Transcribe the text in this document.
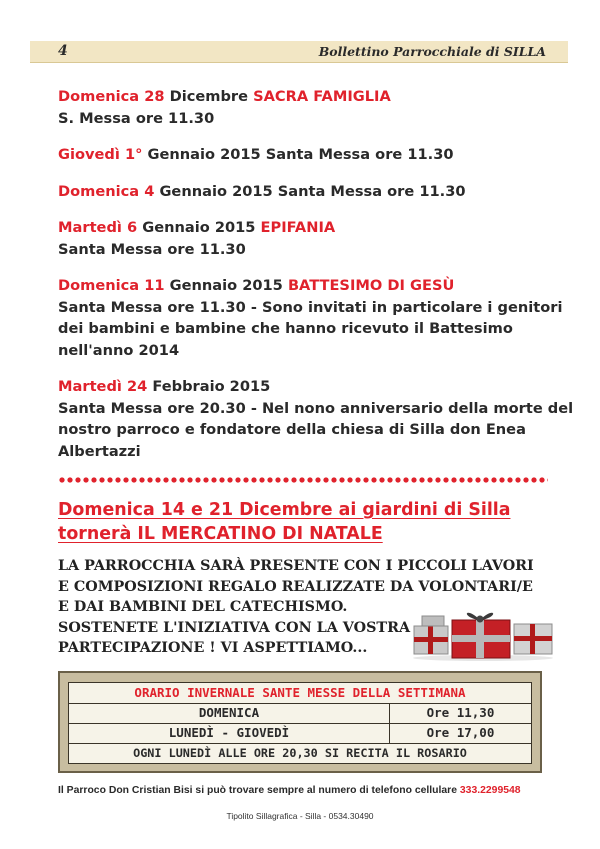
4	Bollettino Parrocchiale di SILLA
Domenica 28 Dicembre SACRA FAMIGLIA
S. Messa ore 11.30
Giovedì 1° Gennaio 2015 Santa Messa ore 11.30
Domenica 4 Gennaio 2015 Santa Messa ore 11.30
Martedì 6 Gennaio 2015 EPIFANIA
Santa Messa ore 11.30
Domenica 11 Gennaio 2015 BATTESIMO DI GESÙ
Santa Messa ore 11.30 - Sono invitati in particolare i genitori dei bambini e bambine che hanno ricevuto il Battesimo nell'anno 2014
Martedì 24 Febbraio 2015
Santa Messa ore 20.30 - Nel nono anniversario della morte del nostro parroco e fondatore della chiesa di Silla don Enea Albertazzi
Domenica 14 e 21 Dicembre ai giardini di Silla
tornerà IL MERCATINO DI NATALE
LA PARROCCHIA SARÀ PRESENTE CON I PICCOLI LAVORI
E COMPOSIZIONI REGALO REALIZZATE DA VOLONTARI/E
E DAI BAMBINI DEL CATECHISMO.
SOSTENETE L'INIZIATIVA CON LA VOSTRA
PARTECIPAZIONE ! VI ASPETTIAMO...
ORARIO INVERNALE SANTE MESSE DELLA SETTIMANA
DOMENICA	Ore 11,30
LUNEDÌ - GIOVEDÌ	Ore 17,00
OGNI LUNEDÌ ALLE ORE 20,30 SI RECITA IL ROSARIO
Il Parroco Don Cristian Bisi si può trovare sempre al numero di telefono cellulare 333.2299548
Tipolito Sillagrafica - Silla - 0534.30490
